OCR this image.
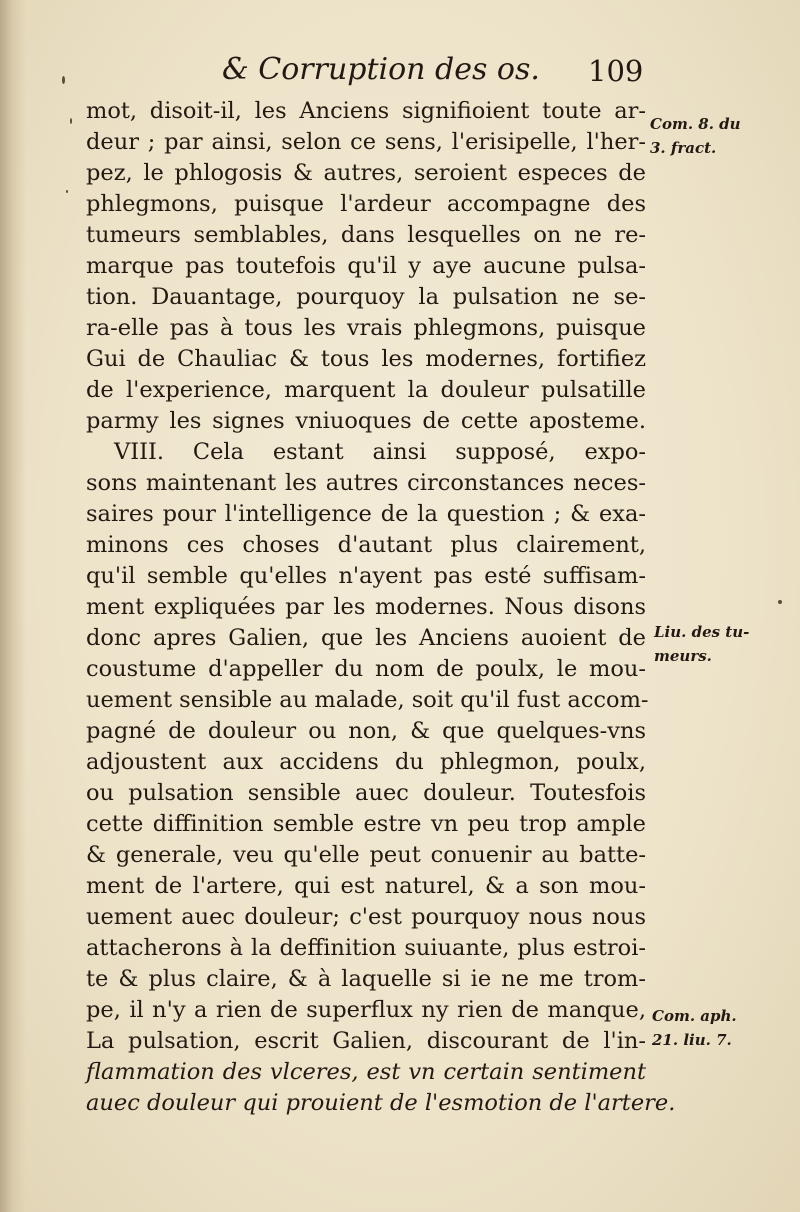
& Corruption des os. 109
mot, disoit-il, les Anciens signifioient toute ar-
deur ; par ainsi, selon ce sens, l'erisipelle, l'her-
pez, le phlogosis & autres, seroient especes de
phlegmons, puisque l'ardeur accompagne des
tumeurs semblables, dans lesquelles on ne re-
marque pas toutefois qu'il y aye aucune pulsa-
tion. Dauantage, pourquoy la pulsation ne se-
ra-elle pas à tous les vrais phlegmons, puisque
Gui de Chauliac & tous les modernes, fortifiez
de l'experience, marquent la douleur pulsatille
parmy les signes vniuoques de cette aposteme.
VIII. Cela estant ainsi supposé, expo-
sons maintenant les autres circonstances neces-
saires pour l'intelligence de la question ; & exa-
minons ces choses d'autant plus clairement,
qu'il semble qu'elles n'ayent pas esté suffisam-
ment expliquées par les modernes. Nous disons
donc apres Galien, que les Anciens auoient de
coustume d'appeller du nom de poulx, le mou-
uement sensible au malade, soit qu'il fust accom-
pagné de douleur ou non, & que quelques-vns
adjoustent aux accidens du phlegmon, poulx,
ou pulsation sensible auec douleur. Toutesfois
cette diffinition semble estre vn peu trop ample
& generale, veu qu'elle peut conuenir au batte-
ment de l'artere, qui est naturel, & a son mou-
uement auec douleur; c'est pourquoy nous nous
attacherons à la deffinition suiuante, plus estroi-
te & plus claire, & à laquelle si ie ne me trom-
pe, il n'y a rien de superflux ny rien de manque,
La pulsation, escrit Galien, discourant de l'in-
flammation des vlceres, est vn certain sentiment
auec douleur qui prouient de l'esmotion de l'artere.
Com. 8. du
3. fract.
Liu. des tu-
meurs.
Com. aph.
21. liu. 7.
